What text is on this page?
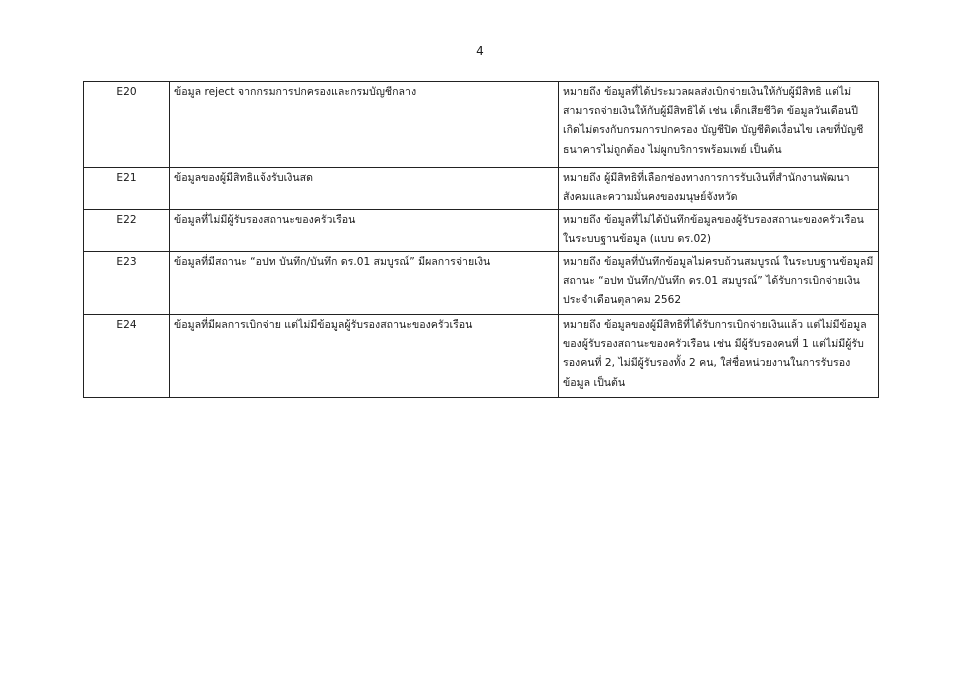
4
E20	ข้อมูล reject จากกรมการปกครองและกรมบัญชีกลาง	หมายถึง ข้อมูลที่ได้ประมวลผลส่งเบิกจ่ายเงินให้กับผู้มีสิทธิ แต่ไม่สามารถจ่ายเงินให้กับผู้มีสิทธิได้ เช่น เด็กเสียชีวิต ข้อมูลวันเดือนปีเกิดไม่ตรงกับกรมการปกครอง บัญชีปิด บัญชีติดเงื่อนไข เลขที่บัญชีธนาคารไม่ถูกต้อง ไม่ผูกบริการพร้อมเพย์ เป็นต้น
E21	ข้อมูลของผู้มีสิทธิแจ้งรับเงินสด	หมายถึง ผู้มีสิทธิที่เลือกช่องทางการการรับเงินที่สำนักงานพัฒนาสังคมและความมั่นคงของมนุษย์จังหวัด
E22	ข้อมูลที่ไม่มีผู้รับรองสถานะของครัวเรือน	หมายถึง ข้อมูลที่ไม่ได้บันทึกข้อมูลของผู้รับรองสถานะของครัวเรือนในระบบฐานข้อมูล (แบบ ดร.02)
E23	ข้อมูลที่มีสถานะ “อปท บันทึก/บันทึก ดร.01 สมบูรณ์” มีผลการจ่ายเงิน	หมายถึง ข้อมูลที่บันทึกข้อมูลไม่ครบถ้วนสมบูรณ์ ในระบบฐานข้อมูลมีสถานะ “อปท บันทึก/บันทึก ดร.01 สมบูรณ์” ได้รับการเบิกจ่ายเงินประจำเดือนตุลาคม 2562
E24	ข้อมูลที่มีผลการเบิกจ่าย แต่ไม่มีข้อมูลผู้รับรองสถานะของครัวเรือน	หมายถึง ข้อมูลของผู้มีสิทธิที่ได้รับการเบิกจ่ายเงินแล้ว แต่ไม่มีข้อมูลของผู้รับรองสถานะของครัวเรือน เช่น มีผู้รับรองคนที่ 1 แต่ไม่มีผู้รับรองคนที่ 2, ไม่มีผู้รับรองทั้ง 2 คน, ใส่ชื่อหน่วยงานในการรับรองข้อมูล เป็นต้น
